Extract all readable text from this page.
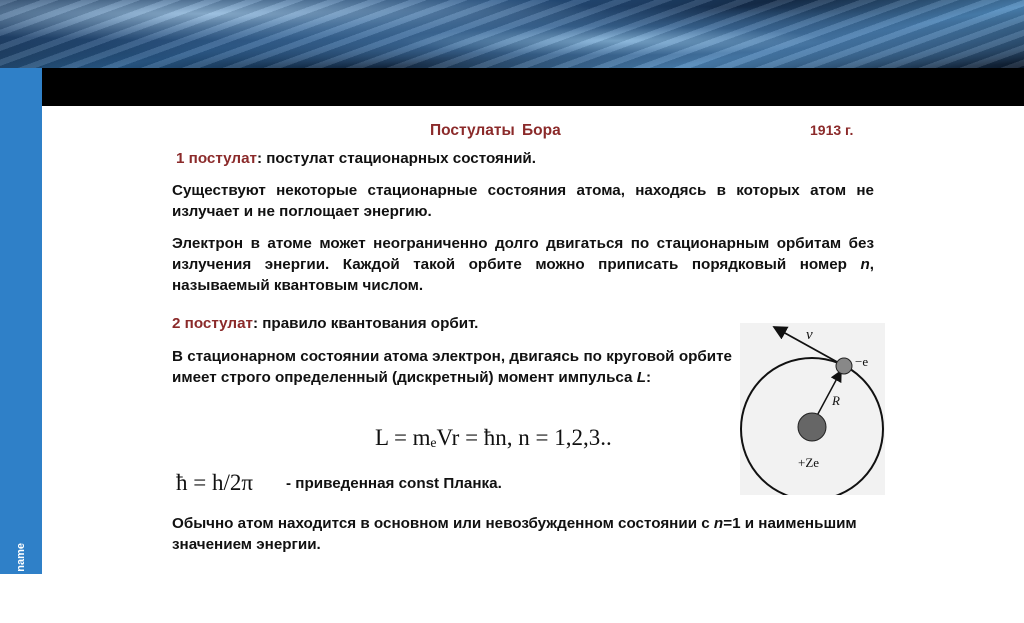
company name
Постулаты Бора	1913 г.
1 постулат: постулат стационарных состояний.
Существуют некоторые стационарные состояния атома, находясь в которых атом не излучает и не поглощает энергию.
Электрон в атоме может неограниченно долго двигаться по стационарным орбитам без излучения энергии. Каждой такой орбите можно приписать порядковый номер n, называемый квантовым числом.
2 постулат: правило квантования орбит.
В стационарном состоянии атома электрон, двигаясь по круговой орбите имеет строго определенный (дискретный) момент импульса L:
L = mₑVr = ħn, n = 1,2,3..
ħ = h/2π - приведенная const Планка.
Обычно атом находится в основном или невозбужденном состоянии с n=1 и наименьшим значением энергии.
v
−e
R
+Ze
